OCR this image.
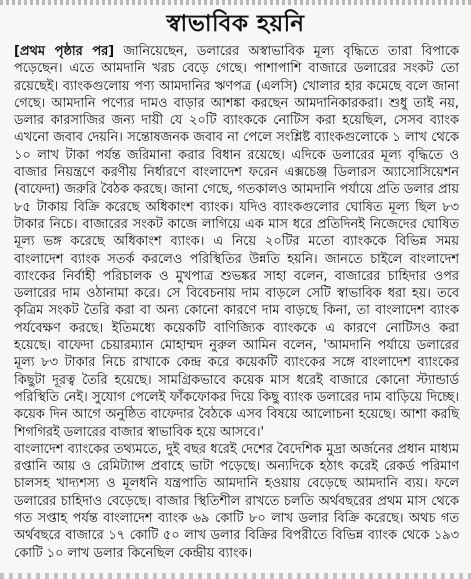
স্বাভাবিক হয়নি

[প্রথম পৃষ্ঠার পর] জানিয়েছেন, ডলারের অস্বাভাবিক মূল্য বৃদ্ধিতে তারা বিপাকে পড়েছেন। এতে আমদানি খরচ বেড়ে গেছে। পাশাপাশি বাজারে ডলারের সংকট তো রয়েছেই। ব্যাংকগুলোয় পণ্য আমদানির ঋণপত্র (এলসি) খোলার হার কমেছে বলে জানা গেছে। আমদানি পণ্যের দামও বাড়ার আশঙ্কা করছেন আমদানিকারকরা। শুধু তাই নয়, ডলার কারসাজির জন্য দায়ী যে ২০টি ব্যাংককে নোটিস করা হয়েছিল, সেসব ব্যাংক এখনো জবাব দেয়নি। সন্তোষজনক জবাব না পেলে সংশ্লিষ্ট ব্যাংকগুলোকে ১ লাখ থেকে ১০ লাখ টাকা পর্যন্ত জরিমানা করার বিধান রয়েছে। এদিকে ডলারের মূল্য বৃদ্ধিতে ও বাজার নিয়ন্ত্রণে করণীয় নির্ধারণে বাংলাদেশ ফরেন এক্সচেঞ্জ ডিলারস অ্যাসোসিয়েশন (বাফেদা) জরুরি বৈঠক করছে। জানা গেছে, গতকালও আমদানি পর্যায়ে প্রতি ডলার প্রায় ৮৫ টাকায় বিক্রি করেছে অধিকাংশ ব্যাংক। যদিও ব্যাংকগুলোর ঘোষিত মূল্য ছিল ৮৩ টাকার নিচে। বাজারের সংকট কাজে লাগিয়ে এক মাস ধরে প্রতিদিনই নিজেদের ঘোষিত মূল্য ভঙ্গ করেছে অধিকাংশ ব্যাংক। এ নিয়ে ২০টির মতো ব্যাংককে বিভিন্ন সময় বাংলাদেশ ব্যাংক সতর্ক করলেও পরিস্থিতির উন্নতি হয়নি। জানতে চাইলে বাংলাদেশ ব্যাংকের নির্বাহী পরিচালক ও মুখপাত্র শুভঙ্কর সাহা বলেন, বাজারের চাহিদার ওপর ডলারের দাম ওঠানামা করে। সে বিবেচনায় দাম বাড়লে সেটি স্বাভাবিক ধরা হয়। তবে কৃত্রিম সংকট তৈরি করা বা অন্য কোনো কারণে দাম বাড়ছে কিনা, তা বাংলাদেশ ব্যাংক পর্যবেক্ষণ করছে। ইতিমধ্যে কয়েকটি বাণিজ্যিক ব্যাংককে এ কারণে নোটিসও করা হয়েছে। বাফেদা চেয়ারম্যান মোহাম্মদ নুরুল আমিন বলেন, 'আমদানি পর্যায়ে ডলারের মূল্য ৮৩ টাকার নিচে রাখাকে কেন্দ্র করে কয়েকটি ব্যাংকের সঙ্গে বাংলাদেশ ব্যাংকের কিছুটা দূরত্ব তৈরি হয়েছে। সামগ্রিকভাবে কয়েক মাস ধরেই বাজারে কোনো স্ট্যান্ডার্ড পরিস্থিতি নেই। সুযোগ পেলেই ফাঁকফোকর দিয়ে কিছু ব্যাংক ডলারের দাম বাড়িয়ে দিচ্ছে। কয়েক দিন আগে অনুষ্ঠিত বাফেদার বৈঠকে এসব বিষয়ে আলোচনা হয়েছে। আশা করছি শিগগিরই ডলারের বাজার স্বাভাবিক হয়ে আসবে।'

বাংলাদেশ ব্যাংকের তথ্যমতে, দুই বছর ধরেই দেশের বৈদেশিক মুদ্রা অর্জনের প্রধান মাধ্যম রপ্তানি আয় ও রেমিট্যান্স প্রবাহে ভাটা পড়েছে। অন্যদিকে হঠাৎ করেই রেকর্ড পরিমাণ চালসহ খাদ্যশস্য ও মূলধনি যন্ত্রপাতি আমদানি হওয়ায় বেড়েছে আমদানি ব্যয়। ফলে ডলারের চাহিদাও বেড়েছে। বাজার স্থিতিশীল রাখতে চলতি অর্থবছরের প্রথম মাস থেকে গত সপ্তাহ পর্যন্ত বাংলাদেশ ব্যাংক ৬৯ কোটি ৮০ লাখ ডলার বিক্রি করেছে। অথচ গত অর্থবছরে বাজারে ১৭ কোটি ৫০ লাখ ডলার বিক্রির বিপরীতে বিভিন্ন ব্যাংক থেকে ১৯৩ কোটি ১০ লাখ ডলার কিনেছিল কেন্দ্রীয় ব্যাংক।
